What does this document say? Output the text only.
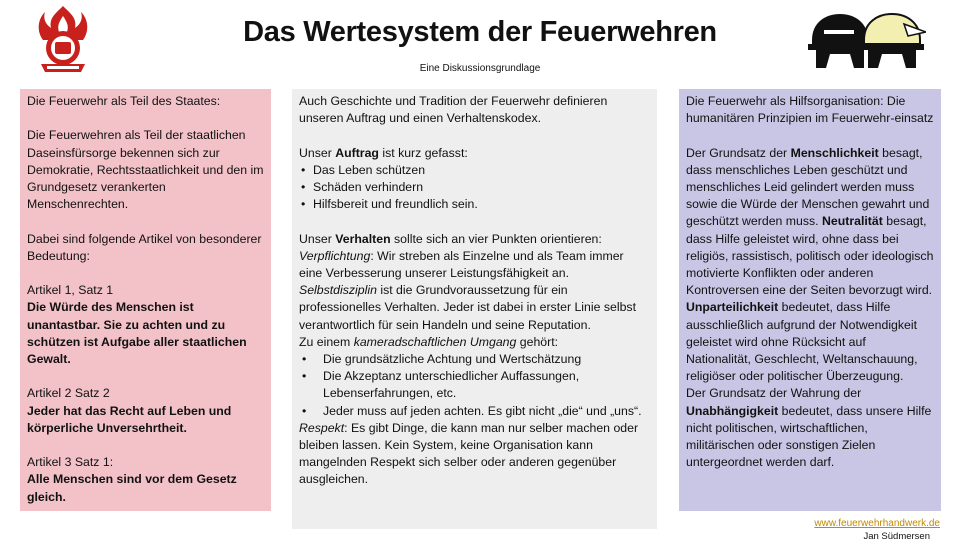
Das Wertesystem der Feuerwehren
Eine Diskussionsgrundlage

Die Feuerwehr als Teil des Staates:

Die Feuerwehren als Teil der staatlichen Daseinsfürsorge bekennen sich zur Demokratie, Rechtsstaatlichkeit und den im Grundgesetz verankerten Menschenrechten.

Dabei sind folgende Artikel von besonderer Bedeutung:

Artikel 1, Satz 1

Die Würde des Menschen ist unantastbar. Sie zu achten und zu schützen ist Aufgabe aller staatlichen Gewalt.

Artikel 2 Satz 2

Jeder hat das Recht auf Leben und körperliche Unversehrtheit.

Artikel 3 Satz 1:

Alle Menschen sind vor dem Gesetz gleich.

Auch Geschichte und Tradition der Feuerwehr definieren unseren Auftrag und einen Verhaltenskodex.

Unser Auftrag ist kurz gefasst:

• Das Leben schützen
• Schäden verhindern
• Hilfsbereit und freundlich sein.

Unser Verhalten sollte sich an vier Punkten orientieren:

Verpflichtung: Wir streben als Einzelne und als Team immer eine Verbesserung unserer Leistungsfähigkeit an.

Selbstdisziplin ist die Grundvoraussetzung für ein professionelles Verhalten. Jeder ist dabei in erster Linie selbst verantwortlich für sein Handeln und seine Reputation.

Zu einem kameradschaftlichen Umgang gehört:

• Die grundsätzliche Achtung und Wertschätzung
• Die Akzeptanz unterschiedlicher Auffassungen, Lebenserfahrungen, etc.
• Jeder muss auf jeden achten. Es gibt nicht „die“ und „uns“.

Respekt: Es gibt Dinge, die kann man nur selber machen oder bleiben lassen. Kein System, keine Organisation kann mangelnden Respekt sich selber oder anderen gegenüber ausgleichen.

Die Feuerwehr als Hilfsorganisation: Die humanitären Prinzipien im Feuerwehr-einsatz

Der Grundsatz der Menschlichkeit besagt, dass menschliches Leben geschützt und menschliches Leid gelindert werden muss sowie die Würde der Menschen gewahrt und geschützt werden muss. Neutralität besagt, dass Hilfe geleistet wird, ohne dass bei religiös, rassistisch, politisch oder ideologisch motivierte Konflikten oder anderen Kontroversen eine der Seiten bevorzugt wird.

Unparteilichkeit bedeutet, dass Hilfe ausschließlich aufgrund der Notwendigkeit geleistet wird ohne Rücksicht auf Nationalität, Geschlecht, Weltanschauung, religiöser oder politischer Überzeugung.

Der Grundsatz der Wahrung der Unabhängigkeit bedeutet, dass unsere Hilfe nicht politischen, wirtschaftlichen, militärischen oder sonstigen Zielen untergeordnet werden darf.

www.feuerwehrhandwerk.de
Jan Südmersen
